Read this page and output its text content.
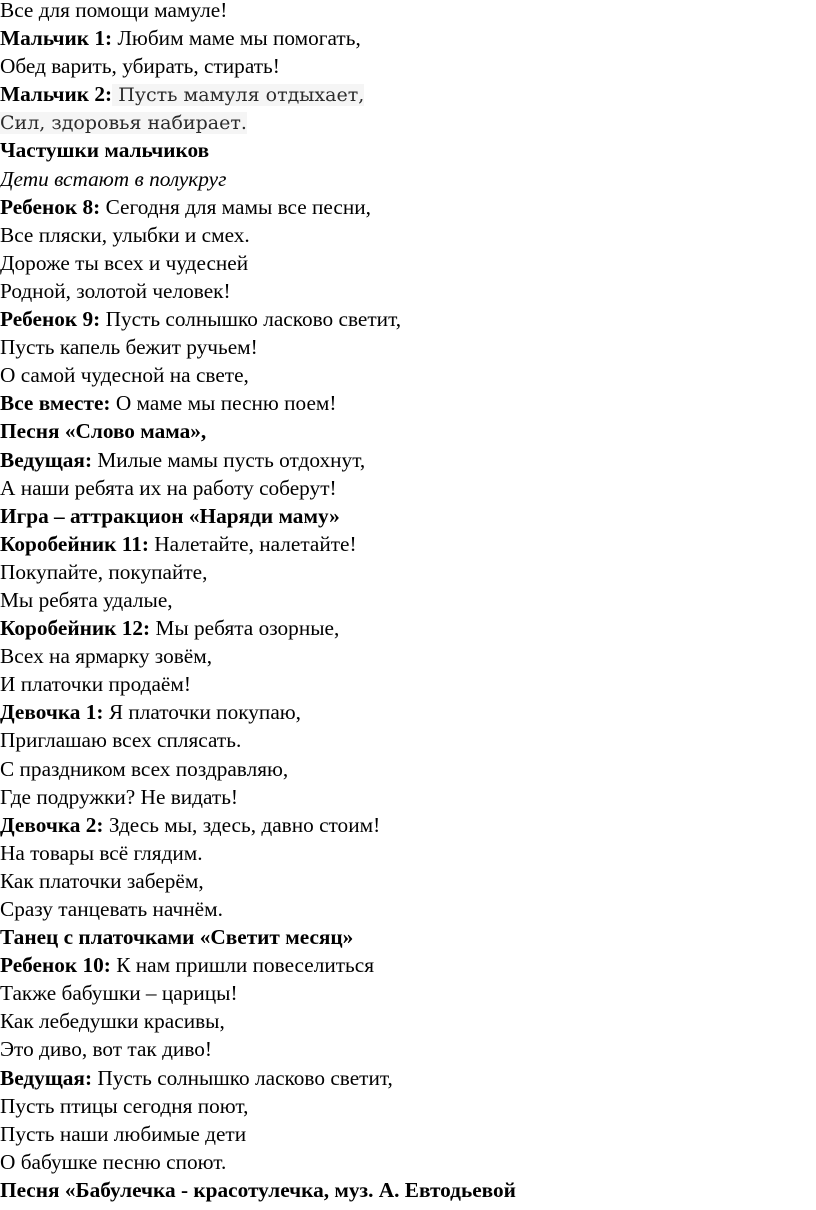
Все для помощи мамуле!
Мальчик 1: Любим маме мы помогать,
Обед варить, убирать, стирать!
Мальчик 2: Пусть мамуля отдыхает,
Сил, здоровья набирает.
Частушки мальчиков
Дети встают в полукруг
Ребенок 8: Сегодня для мамы все песни,
Все пляски, улыбки и смех.
Дороже ты всех и чудесней
Родной, золотой человек!
Ребенок 9: Пусть солнышко ласково светит,
Пусть капель бежит ручьем!
О самой чудесной на свете,
Все вместе: О маме мы песню поем!
Песня «Слово мама»,
Ведущая: Милые мамы пусть отдохнут,
А наши ребята их на работу соберут!
Игра – аттракцион «Наряди маму»
Коробейник 11: Налетайте, налетайте!
Покупайте, покупайте,
Мы ребята удалые,
Коробейник 12: Мы ребята озорные,
Всех на ярмарку зовём,
И платочки продаём!
Девочка 1: Я платочки покупаю,
Приглашаю всех сплясать.
С праздником всех поздравляю,
Где подружки? Не видать!
Девочка 2: Здесь мы, здесь, давно стоим!
На товары всё глядим.
Как платочки заберём,
Сразу танцевать начнём.
Танец с платочками «Светит месяц»
Ребенок 10: К нам пришли повеселиться
Также бабушки – царицы!
Как лебедушки красивы,
Это диво, вот так диво!
Ведущая: Пусть солнышко ласково светит,
Пусть птицы сегодня поют,
Пусть наши любимые дети
О бабушке песню споют.
Песня «Бабулечка - красотулечка, муз. А. Евтодьевой
